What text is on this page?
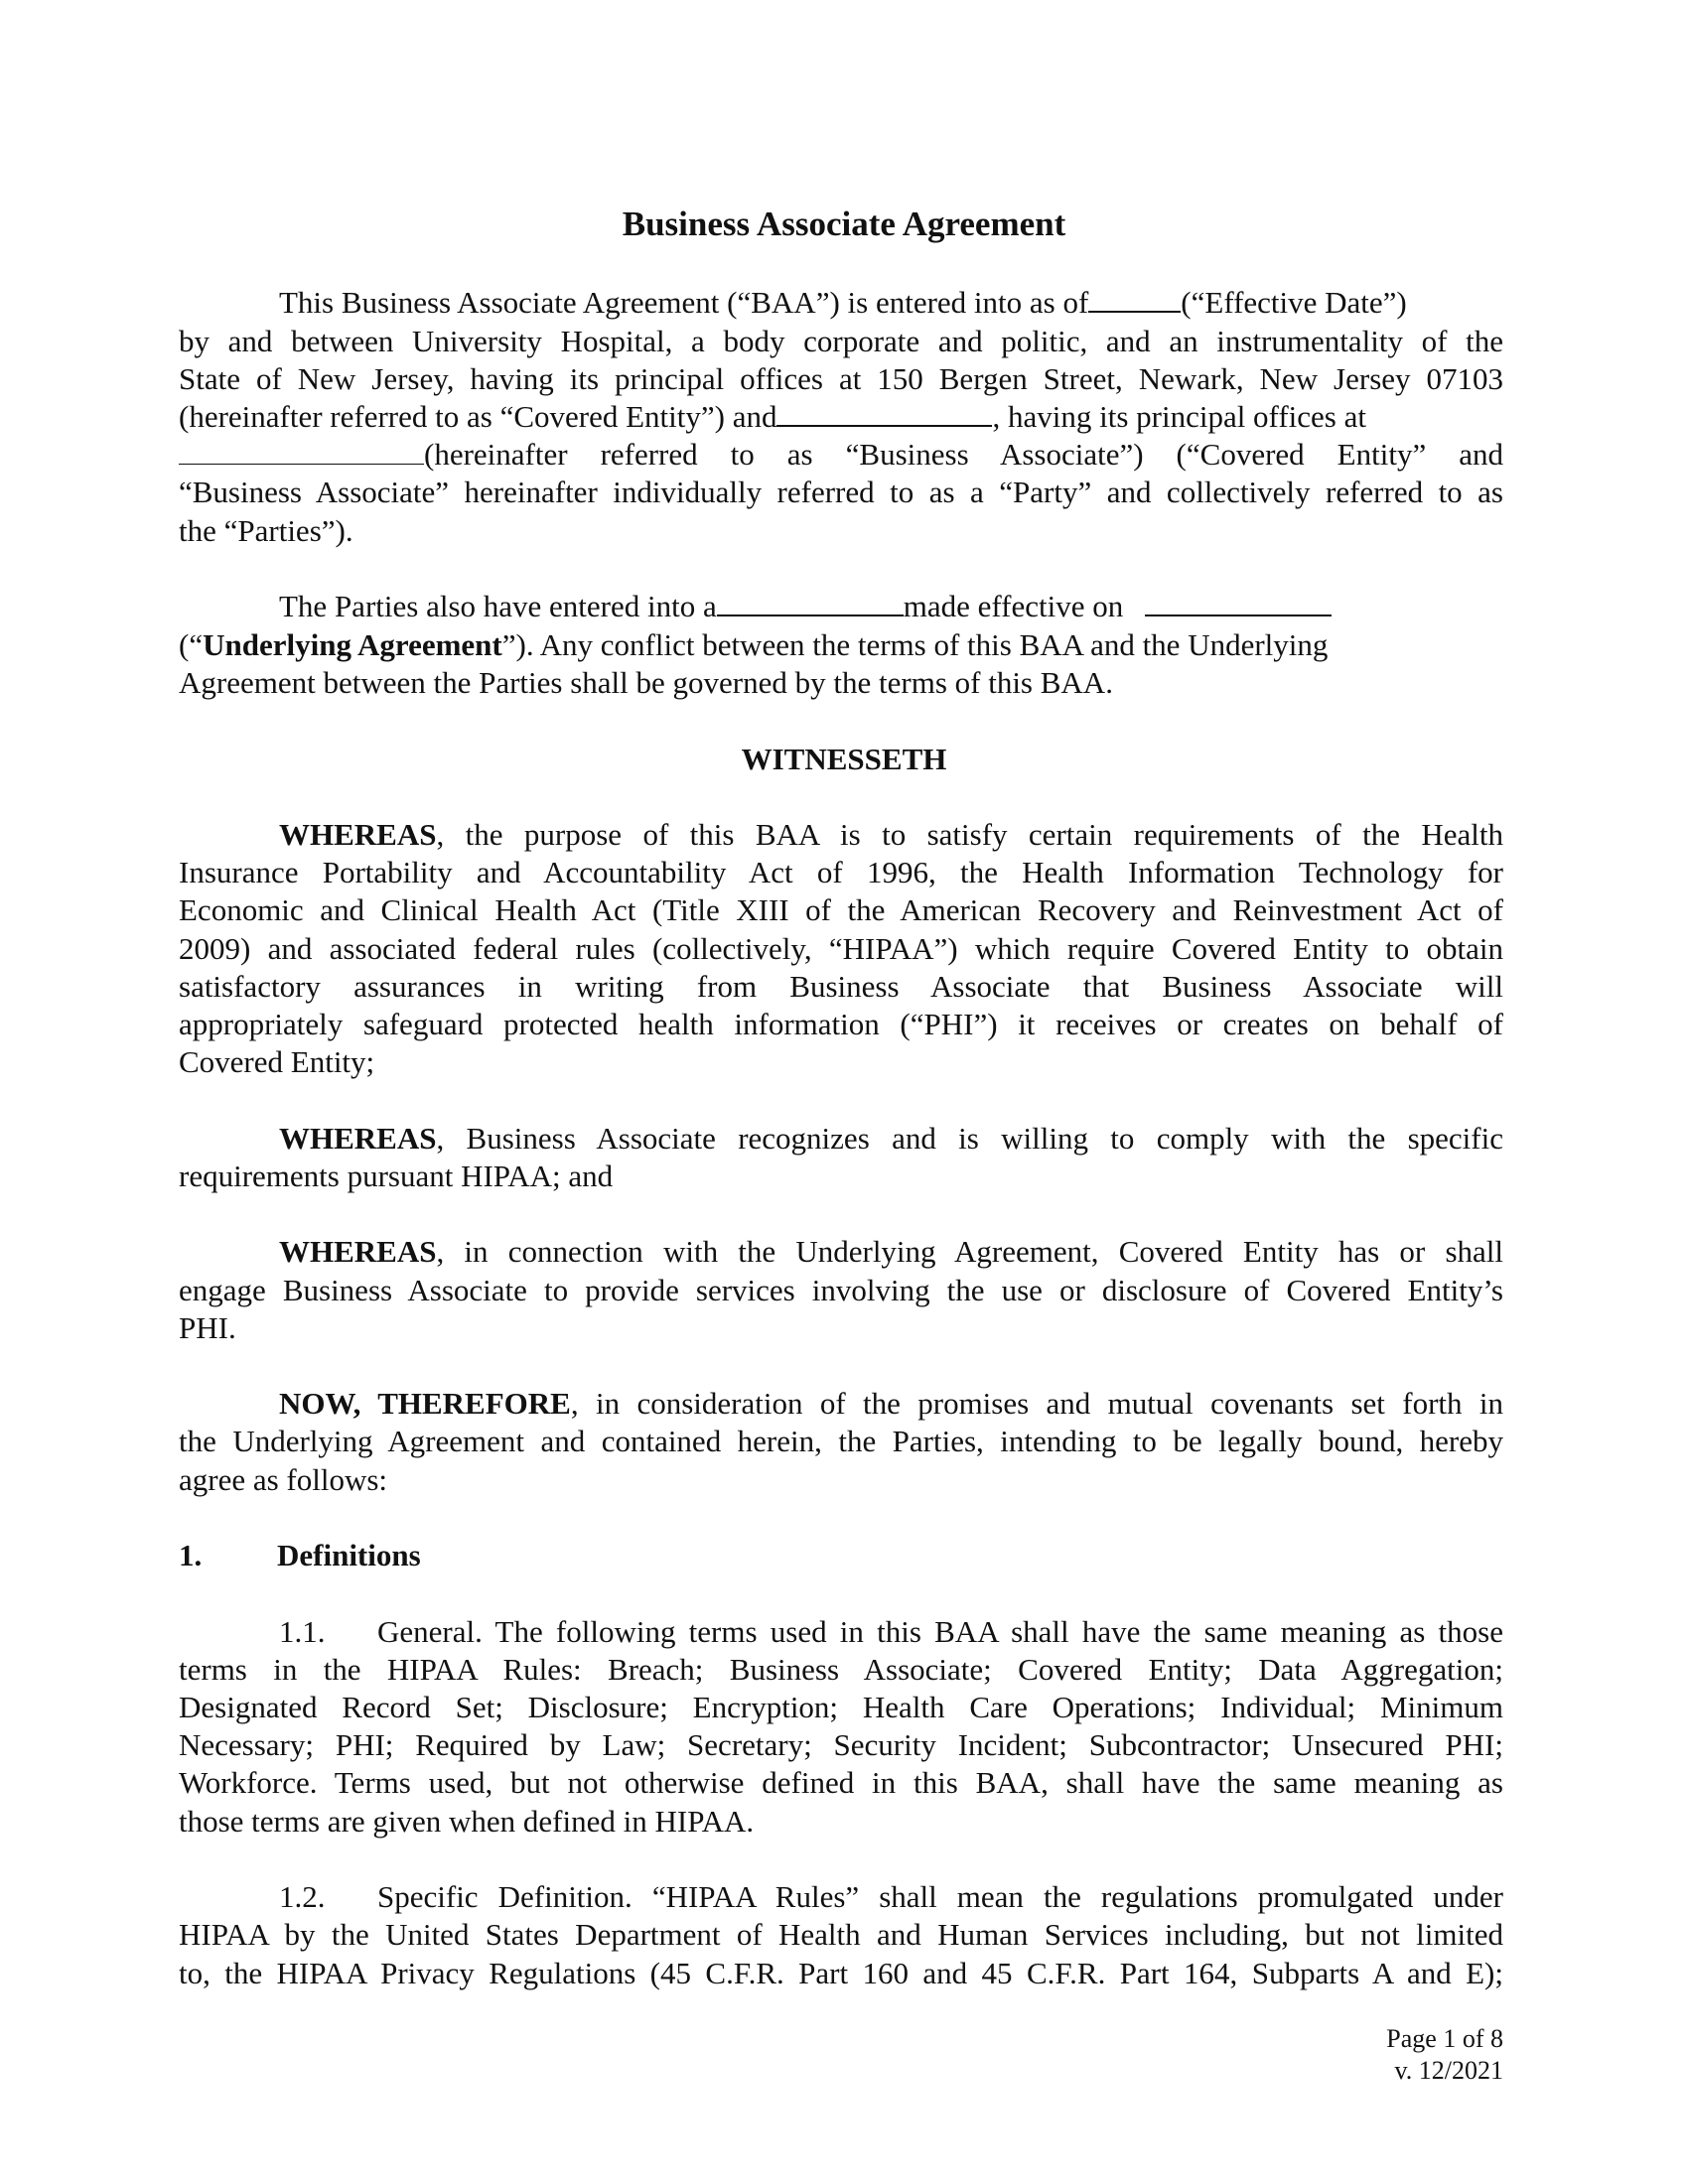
Business Associate Agreement
This Business Associate Agreement (“BAA”) is entered into as of	(“Effective Date”)
by and between University Hospital, a body corporate and politic, and an instrumentality of the
State of New Jersey, having its principal offices at 150 Bergen Street, Newark, New Jersey 07103
(hereinafter referred to as “Covered Entity”) and	, having its principal offices at
(hereinafter referred to as “Business Associate”) (“Covered Entity” and
“Business Associate” hereinafter individually referred to as a “Party” and collectively referred to as
the “Parties”).
The Parties also have entered into a	made effective on
(“Underlying Agreement”). Any conflict between the terms of this BAA and the Underlying
Agreement between the Parties shall be governed by the terms of this BAA.
WITNESSETH
WHEREAS, the purpose of this BAA is to satisfy certain requirements of the Health
Insurance Portability and Accountability Act of 1996, the Health Information Technology for
Economic and Clinical Health Act (Title XIII of the American Recovery and Reinvestment Act of
2009) and associated federal rules (collectively, “HIPAA”) which require Covered Entity to obtain
satisfactory assurances in writing from Business Associate that Business Associate will
appropriately safeguard protected health information (“PHI”) it receives or creates on behalf of
Covered Entity;
WHEREAS, Business Associate recognizes and is willing to comply with the specific
requirements pursuant HIPAA; and
WHEREAS, in connection with the Underlying Agreement, Covered Entity has or shall
engage Business Associate to provide services involving the use or disclosure of Covered Entity’s
PHI.
NOW, THEREFORE, in consideration of the promises and mutual covenants set forth in
the Underlying Agreement and contained herein, the Parties, intending to be legally bound, hereby
agree as follows:
1. Definitions
1.1. General. The following terms used in this BAA shall have the same meaning as those
terms in the HIPAA Rules: Breach; Business Associate; Covered Entity; Data Aggregation;
Designated Record Set; Disclosure; Encryption; Health Care Operations; Individual; Minimum
Necessary; PHI; Required by Law; Secretary; Security Incident; Subcontractor; Unsecured PHI;
Workforce. Terms used, but not otherwise defined in this BAA, shall have the same meaning as
those terms are given when defined in HIPAA.
1.2. Specific Definition. “HIPAA Rules” shall mean the regulations promulgated under
HIPAA by the United States Department of Health and Human Services including, but not limited
to, the HIPAA Privacy Regulations (45 C.F.R. Part 160 and 45 C.F.R. Part 164, Subparts A and E);
Page 1 of 8
v. 12/2021
